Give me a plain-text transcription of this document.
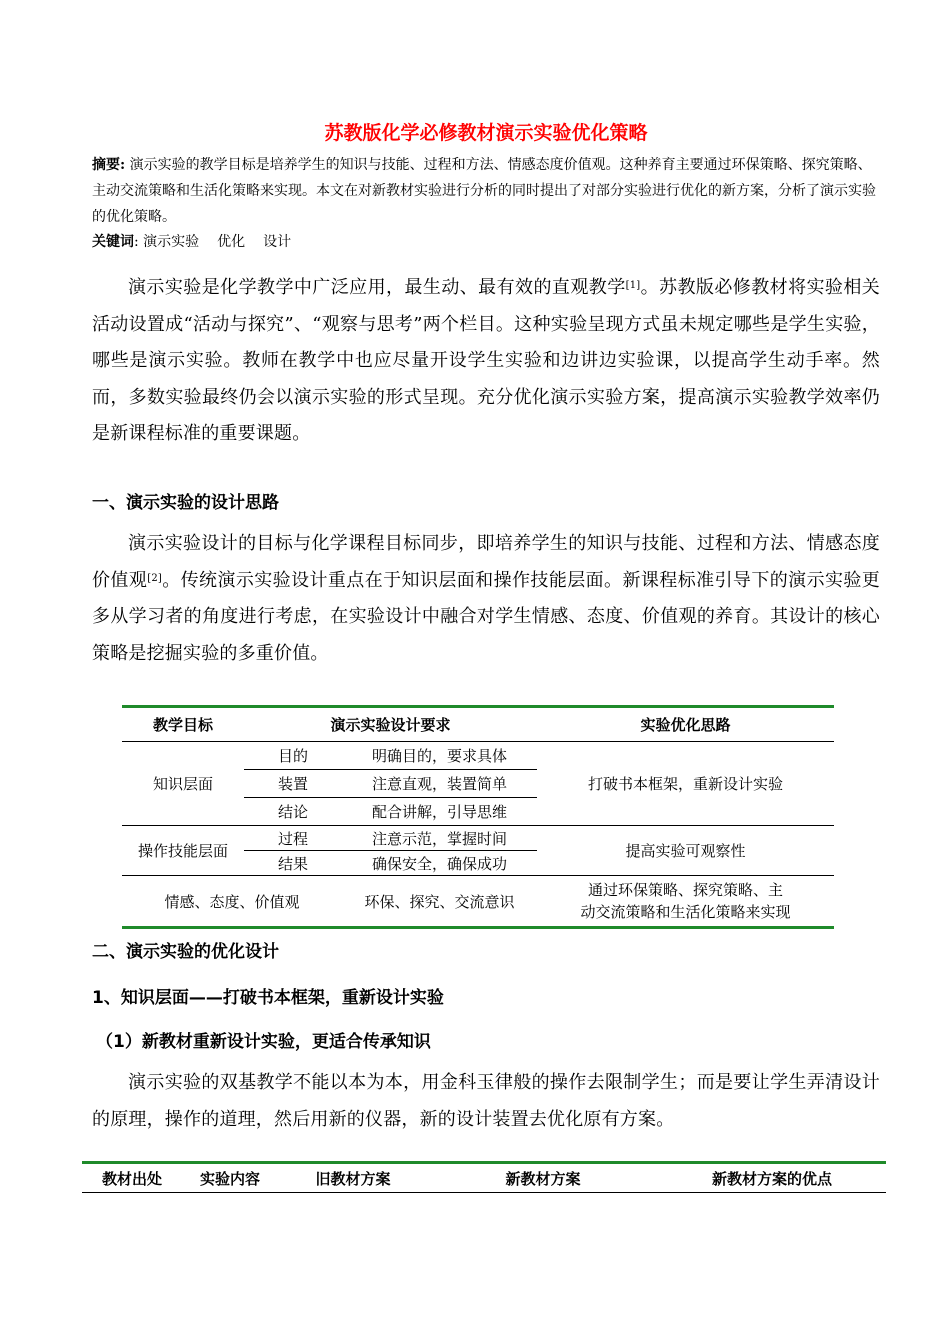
苏教版化学必修教材演示实验优化策略
摘要: 演示实验的教学目标是培养学生的知识与技能、过程和方法、情感态度价值观。这种养育主要通过环保策略、探究策略、主动交流策略和生活化策略来实现。本文在对新教材实验进行分析的同时提出了对部分实验进行优化的新方案，分析了演示实验的优化策略。
关键词: 演示实验 优化 设计
演示实验是化学教学中广泛应用，最生动、最有效的直观教学[1]。苏教版必修教材将实验相关活动设置成“活动与探究”、“观察与思考”两个栏目。这种实验呈现方式虽未规定哪些是学生实验，哪些是演示实验。教师在教学中也应尽量开设学生实验和边讲边实验课，以提高学生动手率。然而，多数实验最终仍会以演示实验的形式呈现。充分优化演示实验方案，提高演示实验教学效率仍是新课程标准的重要课题。
一、演示实验的设计思路
演示实验设计的目标与化学课程目标同步，即培养学生的知识与技能、过程和方法、情感态度价值观[2]。传统演示实验设计重点在于知识层面和操作技能层面。新课程标准引导下的演示实验更多从学习者的角度进行考虑，在实验设计中融合对学生情感、态度、价值观的养育。其设计的核心策略是挖掘实验的多重价值。
教学目标	演示实验设计要求		实验优化思路
知识层面	目的	明确目的，要求具体	打破书本框架，重新设计实验
	装置	注意直观，装置简单	
	结论	配合讲解，引导思维	
操作技能层面	过程	注意示范，掌握时间	提高实验可观察性
	结果	确保安全，确保成功	
情感、态度、价值观		环保、探究、交流意识	通过环保策略、探究策略、主
动交流策略和生活化策略来实现
二、演示实验的优化设计
1、知识层面——打破书本框架，重新设计实验
（1）新教材重新设计实验，更适合传承知识
演示实验的双基教学不能以本为本，用金科玉律般的操作去限制学生；而是要让学生弄清设计的原理，操作的道理，然后用新的仪器，新的设计装置去优化原有方案。
教材出处	实验内容	旧教材方案	新教材方案	新教材方案的优点
